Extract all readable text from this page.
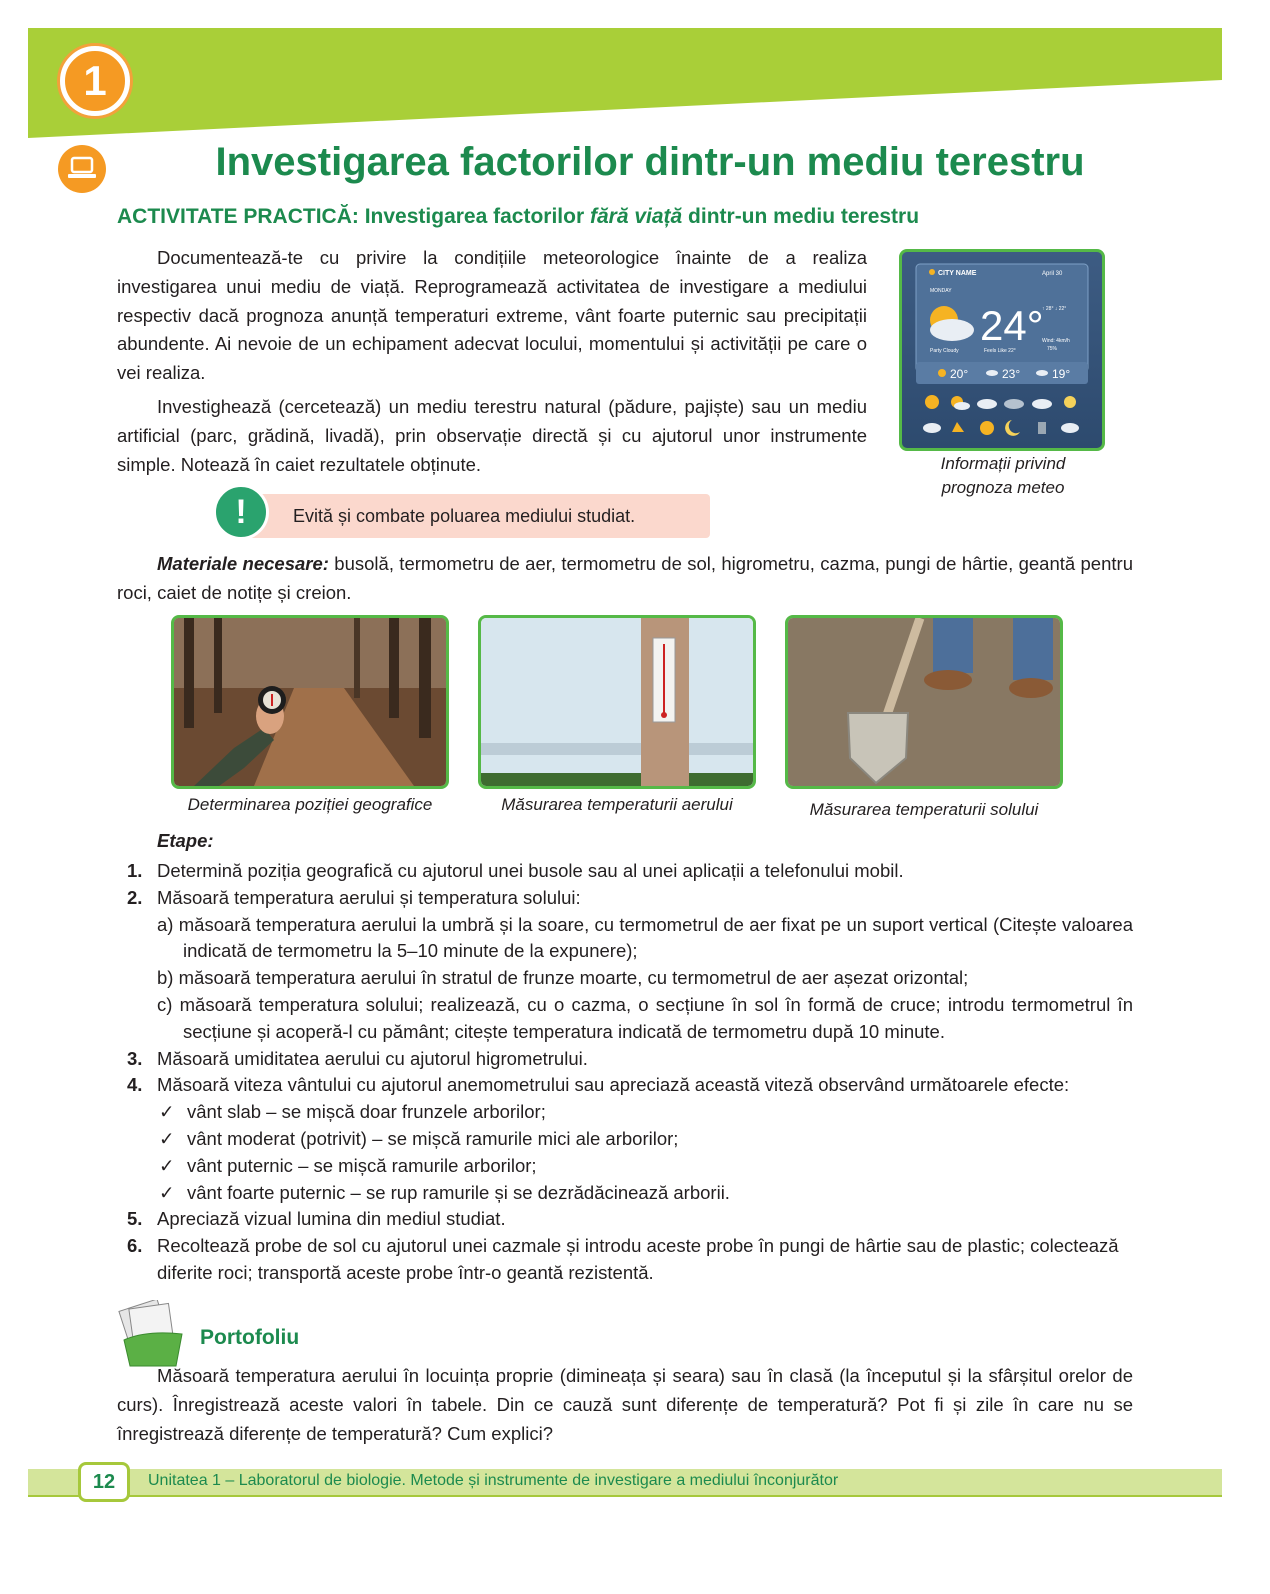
1
Investigarea factorilor dintr-un mediu terestru
ACTIVITATE PRACTICĂ: Investigarea factorilor fără viață dintr-un mediu terestru

Documentează-te cu privire la condițiile meteorologice înainte de a realiza investigarea unui mediu de viață. Reprogramează activitatea de investigare a mediului respectiv dacă prognoza anunță temperaturi extreme, vânt foarte puternic sau precipitații abundente. Ai nevoie de un echipament adecvat locului, momentului și activității pe care o vei realiza.

Investighează (cercetează) un mediu terestru natural (pădure, pajiște) sau un mediu artificial (parc, grădină, livadă), prin observație directă și cu ajutorul unor instrumente simple. Notează în caiet rezultatele obținute.

CITY NAME	April 30
MONDAY
24°
↑ 28° ↓ 22°
Wind: 4km/h
75%
Party Cloudy	Feels Like 22°
20°	23°	19°
Informații privind prognoza meteo
!	Evită și combate poluarea mediului studiat.

Materiale necesare: busolă, termometru de aer, termometru de sol, higrometru, cazma, pungi de hârtie, geantă pentru roci, caiet de notițe și creion.

Determinarea poziției geografice	Măsurarea temperaturii aerului	Măsurarea temperaturii solului
Etape:
1. Determină poziția geografică cu ajutorul unei busole sau al unei aplicații a telefonului mobil.
2. Măsoară temperatura aerului și temperatura solului:
a) măsoară temperatura aerului la umbră și la soare, cu termometrul de aer fixat pe un suport vertical (Citește valoarea indicată de termometru la 5–10 minute de la expunere);
b) măsoară temperatura aerului în stratul de frunze moarte, cu termometrul de aer așezat orizontal;
c) măsoară temperatura solului; realizează, cu o cazma, o secțiune în sol în formă de cruce; introdu termometrul în secțiune și acoperă-l cu pământ; citește temperatura indicată de termometru după 10 minute.
3. Măsoară umiditatea aerului cu ajutorul higrometrului.
4. Măsoară viteza vântului cu ajutorul anemometrului sau apreciază această viteză observând următoarele efecte:
✓ vânt slab – se mișcă doar frunzele arborilor;
✓ vânt moderat (potrivit) – se mișcă ramurile mici ale arborilor;
✓ vânt puternic – se mișcă ramurile arborilor;
✓ vânt foarte puternic – se rup ramurile și se dezrădăcinează arborii.
5. Apreciază vizual lumina din mediul studiat.
6. Recoltează probe de sol cu ajutorul unei cazmale și introdu aceste probe în pungi de hârtie sau de plastic; colectează diferite roci; transportă aceste probe într-o geantă rezistentă.
Portofoliu

Măsoară temperatura aerului în locuința proprie (dimineața și seara) sau în clasă (la începutul și la sfârșitul orelor de curs). Înregistrează aceste valori în tabele. Din ce cauză sunt diferențe de temperatură? Pot fi și zile în care nu se înregistrează diferențe de temperatură? Cum explici?

12	Unitatea 1 – Laboratorul de biologie. Metode și instrumente de investigare a mediului înconjurător
